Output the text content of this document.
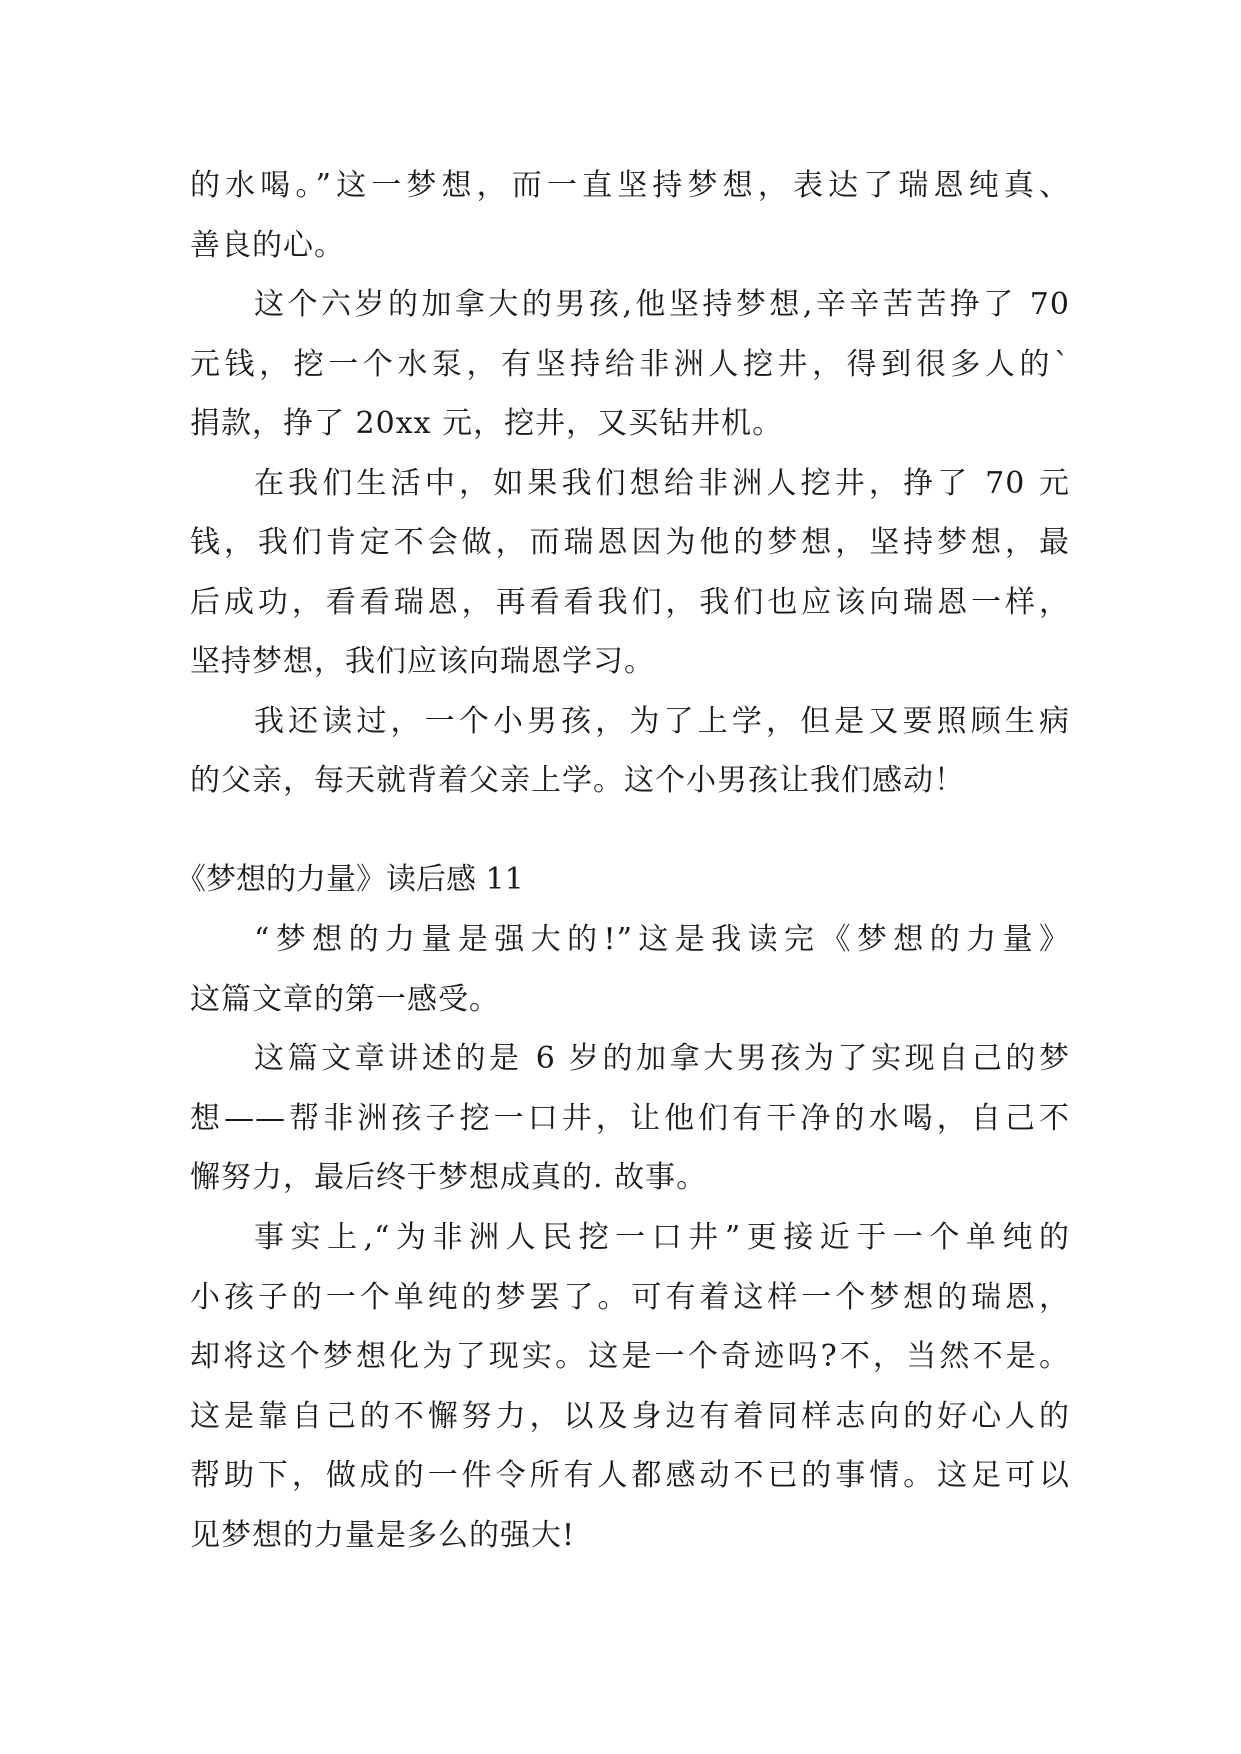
的水喝。”这一梦想，而一直坚持梦想，表达了瑞恩纯真、
善良的心。
这个六岁的加拿大的男孩,他坚持梦想,辛辛苦苦挣了 70
元钱，挖一个水泵，有坚持给非洲人挖井，得到很多人的`
捐款，挣了 20xx 元，挖井，又买钻井机。
在我们生活中，如果我们想给非洲人挖井，挣了 70 元
钱，我们肯定不会做，而瑞恩因为他的梦想，坚持梦想，最
后成功，看看瑞恩，再看看我们，我们也应该向瑞恩一样，
坚持梦想，我们应该向瑞恩学习。
我还读过，一个小男孩，为了上学，但是又要照顾生病
的父亲，每天就背着父亲上学。这个小男孩让我们感动！
《梦想的力量》读后感 11
“梦想的力量是强大的!”这是我读完《梦想的力量》
这篇文章的第一感受。
这篇文章讲述的是 6 岁的加拿大男孩为了实现自己的梦
想——帮非洲孩子挖一口井，让他们有干净的水喝，自己不
懈努力，最后终于梦想成真的. 故事。
事实上,“为非洲人民挖一口井”更接近于一个单纯的
小孩子的一个单纯的梦罢了。可有着这样一个梦想的瑞恩，
却将这个梦想化为了现实。这是一个奇迹吗?不，当然不是。
这是靠自己的不懈努力，以及身边有着同样志向的好心人的
帮助下，做成的一件令所有人都感动不已的事情。这足可以
见梦想的力量是多么的强大!
